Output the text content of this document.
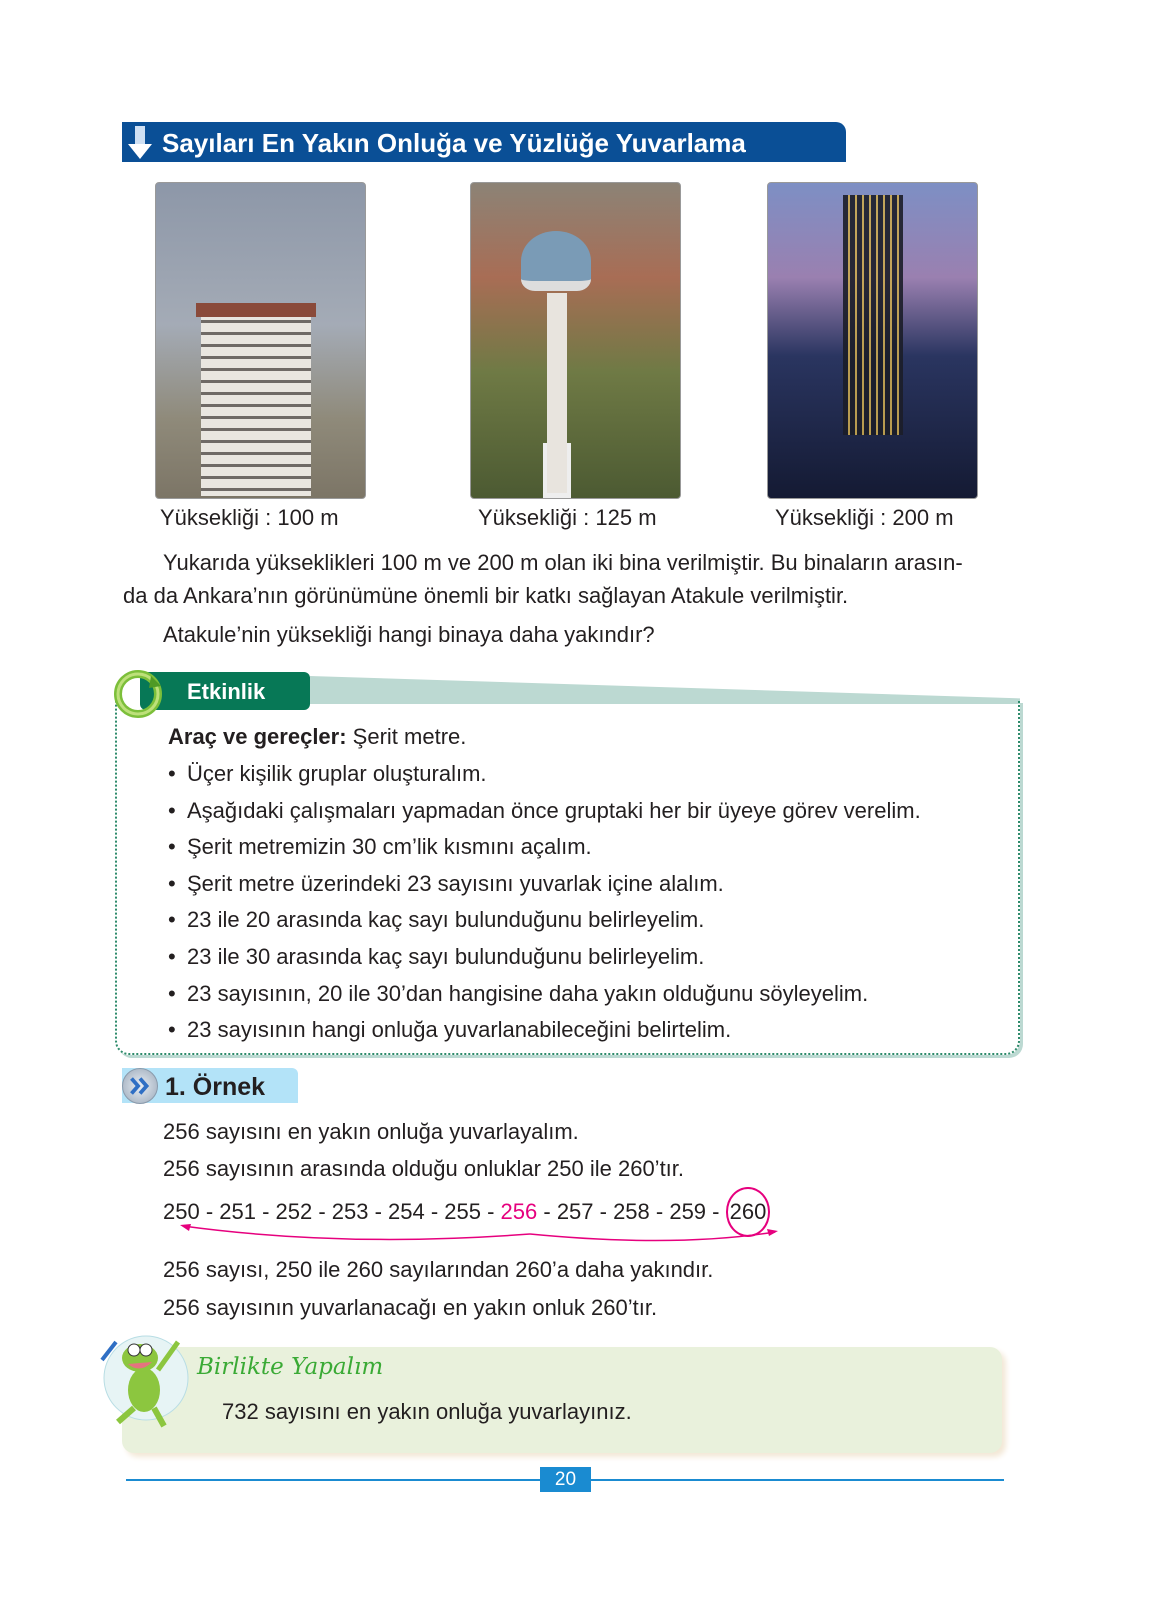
Sayıları En Yakın Onluğa ve Yüzlüğe Yuvarlama
Yüksekliği : 100 m	Yüksekliği : 125 m	Yüksekliği : 200 m
Yukarıda yükseklikleri 100 m ve 200 m olan iki bina verilmiştir. Bu binaların arasın-
da da Ankara’nın görünümüne önemli bir katkı sağlayan Atakule verilmiştir.
Atakule’nin yüksekliği hangi binaya daha yakındır?
Etkinlik
Araç ve gereçler: Şerit metre.
• Üçer kişilik gruplar oluşturalım.
• Aşağıdaki çalışmaları yapmadan önce gruptaki her bir üyeye görev verelim.
• Şerit metremizin 30 cm’lik kısmını açalım.
• Şerit metre üzerindeki 23 sayısını yuvarlak içine alalım.
• 23 ile 20 arasında kaç sayı bulunduğunu belirleyelim.
• 23 ile 30 arasında kaç sayı bulunduğunu belirleyelim.
• 23 sayısının, 20 ile 30’dan hangisine daha yakın olduğunu söyleyelim.
• 23 sayısının hangi onluğa yuvarlanabileceğini belirtelim.
1. Örnek
256 sayısını en yakın onluğa yuvarlayalım.
256 sayısının arasında olduğu onluklar 250 ile 260’tır.
250 - 251 - 252 - 253 - 254 - 255 - 256 - 257 - 258 - 259 - 260
256 sayısı, 250 ile 260 sayılarından 260’a daha yakındır.
256 sayısının yuvarlanacağı en yakın onluk 260’tır.
Birlikte Yapalım
732 sayısını en yakın onluğa yuvarlayınız.
20
